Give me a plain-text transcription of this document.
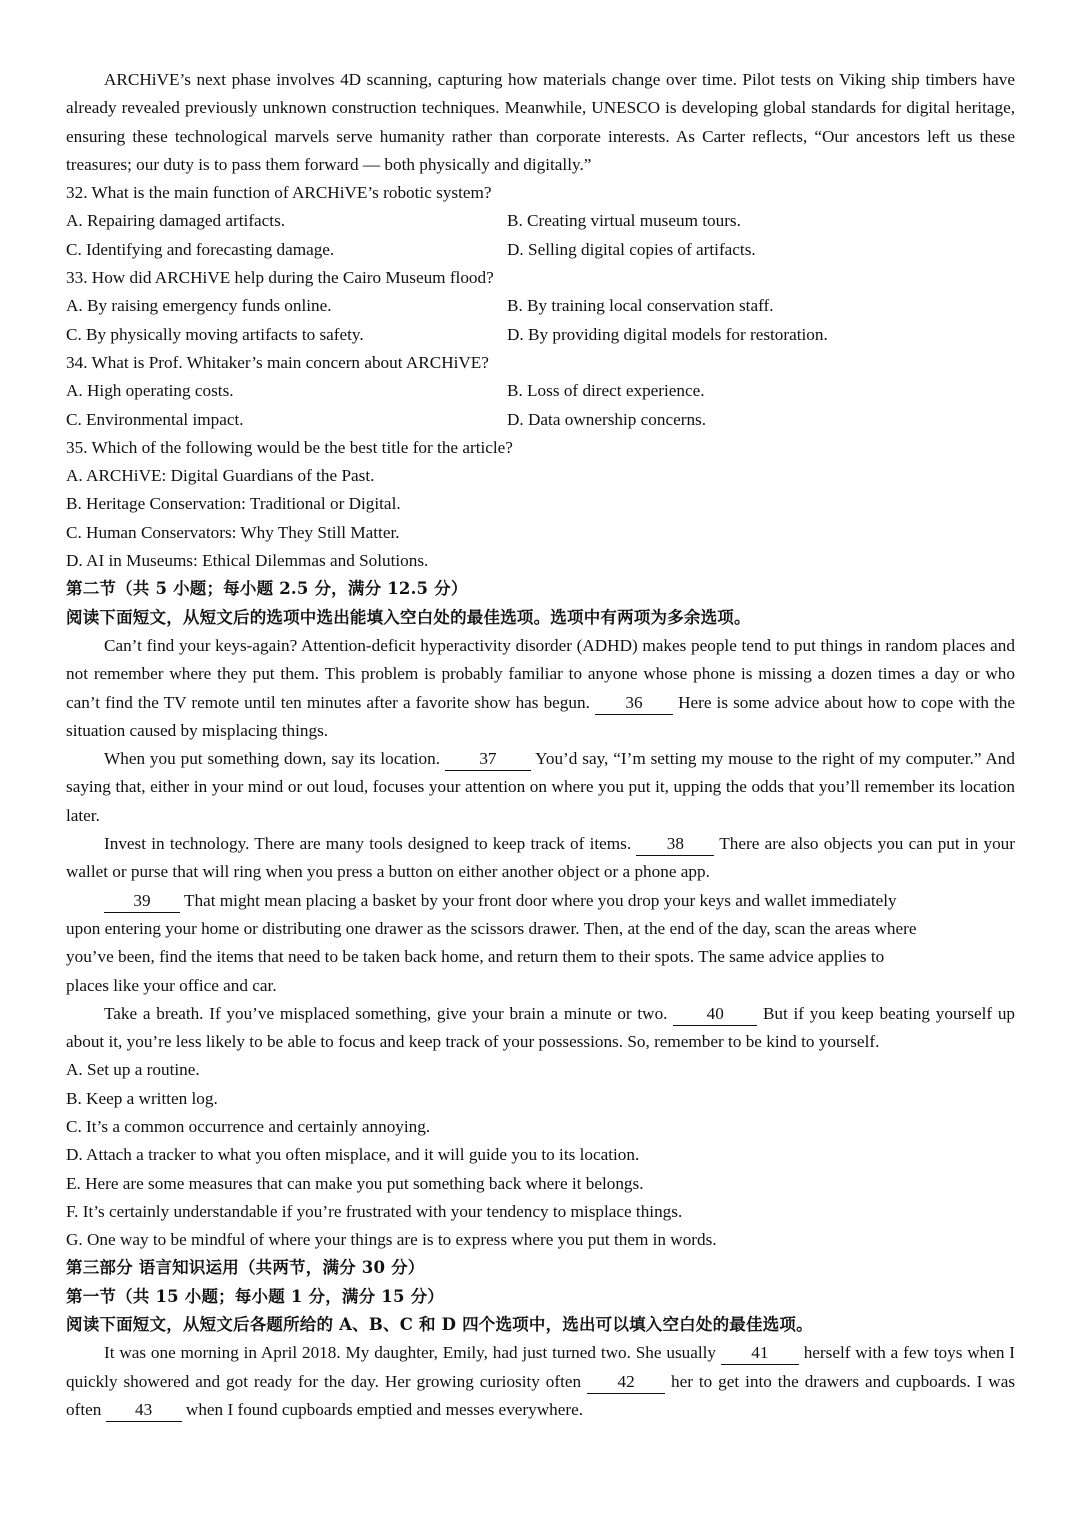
ARCHiVE’s next phase involves 4D scanning, capturing how materials change over time. Pilot tests on Viking ship timbers have already revealed previously unknown construction techniques. Meanwhile, UNESCO is developing global standards for digital heritage, ensuring these technological marvels serve humanity rather than corporate interests. As Carter reflects, “Our ancestors left us these treasures; our duty is to pass them forward — both physically and digitally.”

32. What is the main function of ARCHiVE’s robotic system?

A. Repairing damaged artifacts.	B. Creating virtual museum tours.
C. Identifying and forecasting damage.	D. Selling digital copies of artifacts.

33. How did ARCHiVE help during the Cairo Museum flood?

A. By raising emergency funds online.	B. By training local conservation staff.
C. By physically moving artifacts to safety.	D. By providing digital models for restoration.

34. What is Prof. Whitaker’s main concern about ARCHiVE?

A. High operating costs.	B. Loss of direct experience.
C. Environmental impact.	D. Data ownership concerns.

35. Which of the following would be the best title for the article?

A. ARCHiVE: Digital Guardians of the Past.

B. Heritage Conservation: Traditional or Digital.

C. Human Conservators: Why They Still Matter.

D. AI in Museums: Ethical Dilemmas and Solutions.

第二节（共 5 小题；每小题 2.5 分，满分 12.5 分）

阅读下面短文，从短文后的选项中选出能填入空白处的最佳选项。选项中有两项为多余选项。

Can’t find your keys-again? Attention-deficit hyperactivity disorder (ADHD) makes people tend to put things in random places and not remember where they put them. This problem is probably familiar to anyone whose phone is missing a dozen times a day or who can’t find the TV remote until ten minutes after a favorite show has begun. 36 Here is some advice about how to cope with the situation caused by misplacing things.

When you put something down, say its location. 37 You’d say, “I’m setting my mouse to the right of my computer.” And saying that, either in your mind or out loud, focuses your attention on where you put it, upping the odds that you’ll remember its location later.

Invest in technology. There are many tools designed to keep track of items. 38 There are also objects you can put in your wallet or purse that will ring when you press a button on either another object or a phone app.

39 That might mean placing a basket by your front door where you drop your keys and wallet immediately

upon entering your home or distributing one drawer as the scissors drawer. Then, at the end of the day, scan the areas where

you’ve been, find the items that need to be taken back home, and return them to their spots. The same advice applies to

places like your office and car.

Take a breath. If you’ve misplaced something, give your brain a minute or two. 40 But if you keep beating yourself up about it, you’re less likely to be able to focus and keep track of your possessions. So, remember to be kind to yourself.

A. Set up a routine.

B. Keep a written log.

C. It’s a common occurrence and certainly annoying.

D. Attach a tracker to what you often misplace, and it will guide you to its location.

E. Here are some measures that can make you put something back where it belongs.

F. It’s certainly understandable if you’re frustrated with your tendency to misplace things.

G. One way to be mindful of where your things are is to express where you put them in words.

第三部分 语言知识运用（共两节，满分 30 分）

第一节（共 15 小题；每小题 1 分，满分 15 分）

阅读下面短文，从短文后各题所给的 A、B、C 和 D 四个选项中，选出可以填入空白处的最佳选项。

It was one morning in April 2018. My daughter, Emily, had just turned two. She usually 41 herself with a few toys when I quickly showered and got ready for the day. Her growing curiosity often 42 her to get into the drawers and cupboards. I was often 43 when I found cupboards emptied and messes everywhere.
